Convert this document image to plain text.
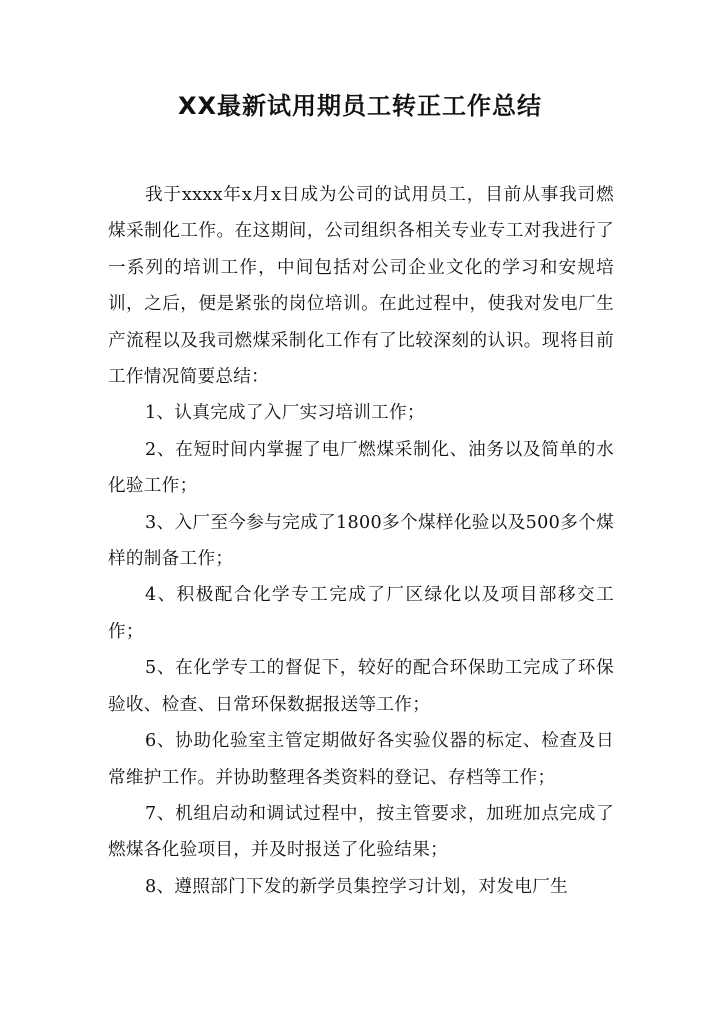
XX最新试用期员工转正工作总结

我于xxxx年x月x日成为公司的试用员工，目前从事我司燃煤采制化工作。在这期间，公司组织各相关专业专工对我进行了一系列的培训工作，中间包括对公司企业文化的学习和安规培训，之后，便是紧张的岗位培训。在此过程中，使我对发电厂生产流程以及我司燃煤采制化工作有了比较深刻的认识。现将目前工作情况简要总结：

1、认真完成了入厂实习培训工作；

2、在短时间内掌握了电厂燃煤采制化、油务以及简单的水化验工作；

3、入厂至今参与完成了1800多个煤样化验以及500多个煤样的制备工作；

4、积极配合化学专工完成了厂区绿化以及项目部移交工作；

5、在化学专工的督促下，较好的配合环保助工完成了环保验收、检查、日常环保数据报送等工作；

6、协助化验室主管定期做好各实验仪器的标定、检查及日常维护工作。并协助整理各类资料的登记、存档等工作；

7、机组启动和调试过程中，按主管要求，加班加点完成了燃煤各化验项目，并及时报送了化验结果；

8、遵照部门下发的新学员集控学习计划，对发电厂生
